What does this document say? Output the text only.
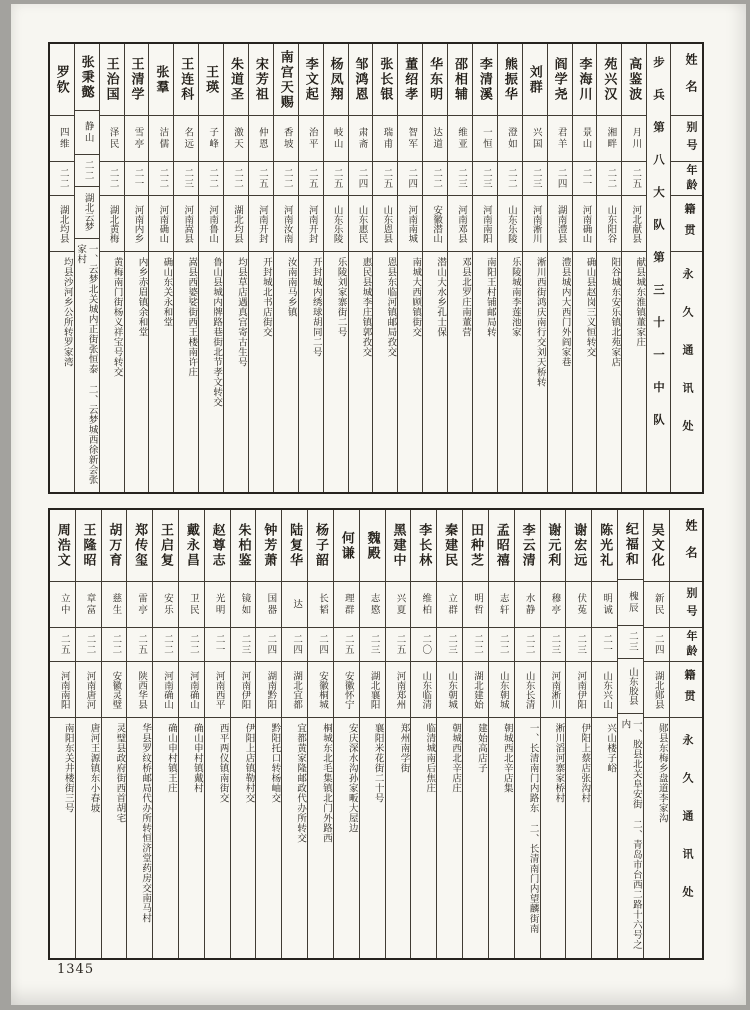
姓名
别号
年龄
籍贯
永久通讯处
步兵第八大队第三十一中队
高鉴波
月川
二五
河北献县
献县城东淮镇董家庄
苑兴汉
湘畔
二二
山东阳谷
阳谷城东安乐镇北苑家店
李海川
景山
二一
河南确山
确山县赵岗三义恒转交
阎学尧
君羊
二四
湖南澧县
澧县城内大西门外阎家巷
刘群
兴国
二三
河南淅川
淅川西街鸿庆南行交刘天桥转
熊振华
澄如
二二
山东乐陵
乐陵城南李莲池家
李清溪
一恒
二三
河南南阳
南阳王村铺邮局转
邵相辅
维亚
二三
河南邓县
邓县北罗庄南董营
华东明
达道
二二
安徽潜山
潜山大水乡孔士保
董绍孝
智军
二四
河南南城
南城大西顾镇街交
张长银
瑞甫
二五
山东恩县
恩县东临河镇邮局孜交
邹鸿恩
肃斋
二四
山东惠民
惠民县城李庄镇郭孜交
杨凤翔
岐山
二五
山东乐陵
乐陵刘家寨街二号
李文起
治平
二五
河南开封
开封城内绣球胡同二号
南宫天赐
香坡
二二
河南汝南
汝南南马乡镇
宋芳祖
仲恩
二五
河南开封
开封城北书店街交
朱道圣
激天
二二
湖北均县
均县草店遇真宫寄古生号
王瑛
子峰
二二
河南鲁山
鲁山县城内牌路巷街北节孝文转交
王连科
名远
二三
河南嵩县
嵩县西婆娑街西王楼南许庄
张羣
洁儒
二二
河南确山
确山东关永和堂
王清学
雪亭
二一
河南内乡
内乡赤眉镇余和堂
王治国
泽民
二二
湖北黄梅
黄梅南门街杨义祥宝号转交
张秉懿
静山
二二
湖北云梦
一、云梦北关城内正街张恒泰 二、云梦城西徐新会张家村
罗钦
四维
二二
湖北均县
均县沙河乡公所转罗家湾
姓名
别号
年龄
籍贯
永久通讯处
吴文化
新民
二四
湖北郧县
郧县东梅乡盘道李家沟
纪福和
槐辰
二三
山东胶县
一、胶县北关阜安街 二、青岛市台西二路十六号之内
陈光礼
明诚
二一
山东兴山
兴山楼子峪
谢宏远
伏菟
二三
河南伊阳
伊阳上蔡店张沟村
谢元利
穆亭
二三
河南淅川
淅川滔河寨家桥村
李云清
水静
二二
山东长清
一、长清南门内路东 二、长清南门内望麟街南
孟昭禧
志轩
二二
山东朝城
朝城西北辛店集
田种芝
明哲
二二
湖北建始
建始高店子
秦建民
立群
二三
山东朝城
朝城西北辛店庄
李长林
维柏
二〇
山东临清
临清城南后焦庄
黑建中
兴夏
二五
河南郑州
郑州南学街
魏殿
志愍
二三
湖北襄阳
襄阳米花街二十号
何谦
理群
二五
安徽怀宁
安庆深水沟孙家畈大屋边
杨子韶
长韬
二四
安徽桐城
桐城东北毛集镇北门外路西
陆复华
达
二四
湖北宜都
宜都黄家隆邮政代办所转交
钟芳萧
国器
二四
湖南黔阳
黔阳托口转杨岫交
朱柏鉴
镜如
二三
河南伊阳
伊阳上店镇勒村交
赵尊志
光明
二一
河南西平
西平两仪镇南街交
戴永昌
卫民
二二
河南确山
确山申村镇戴村
王启复
安乐
二二
河南确山
确山申村镇王庄
郑传玺
雷亭
二五
陕西华县
华县罗纹桥邮局代办所转恒济堂药房交南马村
胡万育
慈生
二二
安徽灵璧
灵璧县政府街西首胡宅
王隆昭
章富
二二
河南唐河
唐河王源镇东小春坡
周浩文
立中
二五
河南南阳
南阳东关井楼街三号
1345
